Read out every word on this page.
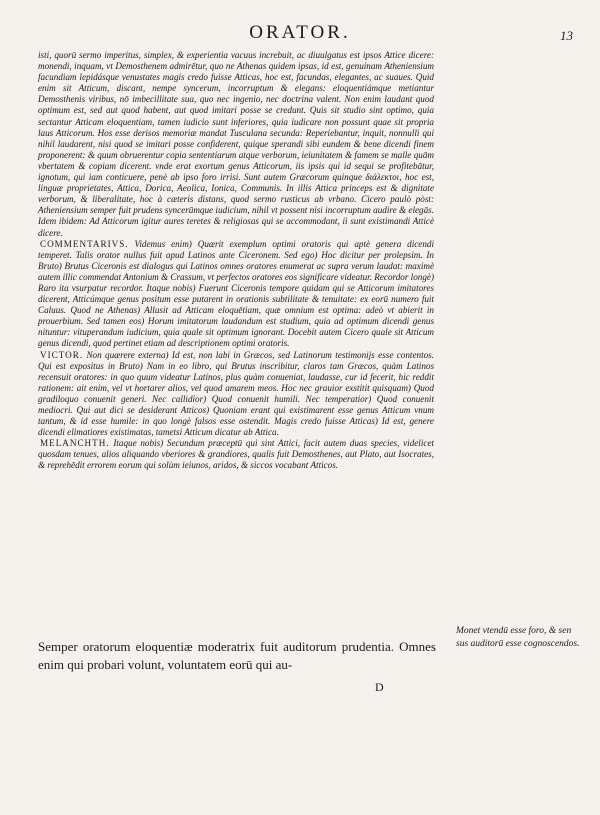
ORATOR.	13

isti, quorū sermo imperitus, simplex, & experientia vacuus increbuit, ac diuulgatus est ipsos Attice dicere: monendi, inquam, vt Demosthenem admirētur, quo ne Athenas quidem ipsas, id est, genuinam Atheniensium facundiam lepidásque venustates magis credo fuisse Atticas, hoc est, facundas, elegantes, ac suaues. Quid enim sit Atticum, discant, nempe syncerum, incorruptum & elegans: eloquentiámque metiantur Demosthenis viribus, nō imbecillitate sua, quo nec ingenio, nec doctrina valent. Non enim laudant quod optimum est, sed aut quod habent, aut quod imitari posse se credunt. Quis sit studio sint optimo, quia sectantur Atticam eloquentiam, tamen iudicio sunt inferiores, quia iudicare non possunt quae sit propria laus Atticorum. Hos esse derisos memoriæ mandat Tusculana secunda: Reperiebantur, inquit, nonnulli qui nihil laudarent, nisi quod se imitari posse confiderent, quique sperandi sibi eundem & bene dicendi finem proponerent: & quum obruerentur copia sententiarum atque verborum, ieiunitatem & famem se malle quām vbertatem & copiam dicerent. vnde erat exortum genus Atticorum, iis ipsis qui id sequi se profitebātur, ignotum, qui iam conticuere, penè ab ipso foro irrisi. Sunt autem Græcorum quinque διάλεκτοι, hoc est, linguæ proprietates, Attica, Dorica, Aeolica, Ionica, Communis. In illis Attica princeps est & dignitate verborum, & liberalitate, hoc à cæteris distans, quod sermo rusticus ab vrbano. Cicero paulò pòst: Atheniensium semper fuit prudens syncerūmque iudicium, nihil vt possent nisi incorruptum audire & elegās. Idem ibidem: Ad Atticorum igitur aures teretes & religiosas qui se accommodant, ii sunt existimandi Atticè dicere.

COMMENTARIVS. Videmus enim) Quærit exemplum optimi oratoris qui aptè genera dicendi temperet. Talis orator nullus fuit apud Latinos ante Ciceronem. Sed ego) Hoc dicitur per prolepsim. In Bruto) Brutus Ciceronis est dialogus qui Latinos omnes oratores enumerat ac supra verum laudat: maximè autem illic commendat Antonium & Crassum, vt perfectos oratores eos significare videatur. Recordor longè) Raro ita vsurpatur recordor. Itaque nobis) Fuerunt Ciceronis tempore quidam qui se Atticorum imitatores dicerent, Atticúmque genus positum esse putarent in orationis subtilitate & tenuitate: ex eorū numero fuit Caluus. Quod ne Athenas) Allusit ad Atticam eloquētiam, quæ omnium est optima: adeò vt abierit in prouerbium. Sed tamen eos) Horum imitatorum laudandum est studium, quia ad optimum dicendi genus nituntur: vituperandum iudicium, quia quale sit optimum ignorant. Docebit autem Cicero quale sit Atticum genus dicendi, quod pertinet etiam ad descriptionem optimi oratoris.

VICTOR. Non quærere externa) Id est, non labi in Græcos, sed Latinorum testimonijs esse contentos. Qui est expositus in Bruto) Nam in eo libro, qui Brutus inscribitur, claros tam Græcos, quàm Latinos recensuit oratores: in quo quum videatur Latinos, plus quàm conueniat, laudasse, cur id fecerit, hic reddit rationem: ait enim, vel vt hortarer alios, vel quod amarem meos. Hoc nec grauior exstitit quisquam) Quod gradiloquo conuenit generi. Nec callidior) Quod conuenit humili. Nec temperatior) Quod conuenit mediocri. Qui aut dici se desiderant Atticos) Quoniam erant qui existimarent esse genus Atticum vnum tantum, & id esse humile: in quo longè falsos esse ostendit. Magis credo fuisse Atticas) Id est, genere dicendi elimatiores existimatas, tametsi Atticum dicatur ab Attica.

MELANCHTH. Itaque nobis) Secundum præceptū qui sint Attici, facit autem duas species, videlicet quosdam tenues, alios aliquando vberiores & grandiores, qualis fuit Demosthenes, aut Plato, aut Isocrates, & reprehēdit errorem eorum qui solùm ieiunos, aridos, & siccos vocabant Atticos.

Semper oratorum eloquentiæ moderatrix fuit auditorum prudentia. Omnes enim qui probari volunt, voluntatem eorū qui au-
D
Monet vtendū esse foro, & sen sus auditorū esse cognoscendos.
